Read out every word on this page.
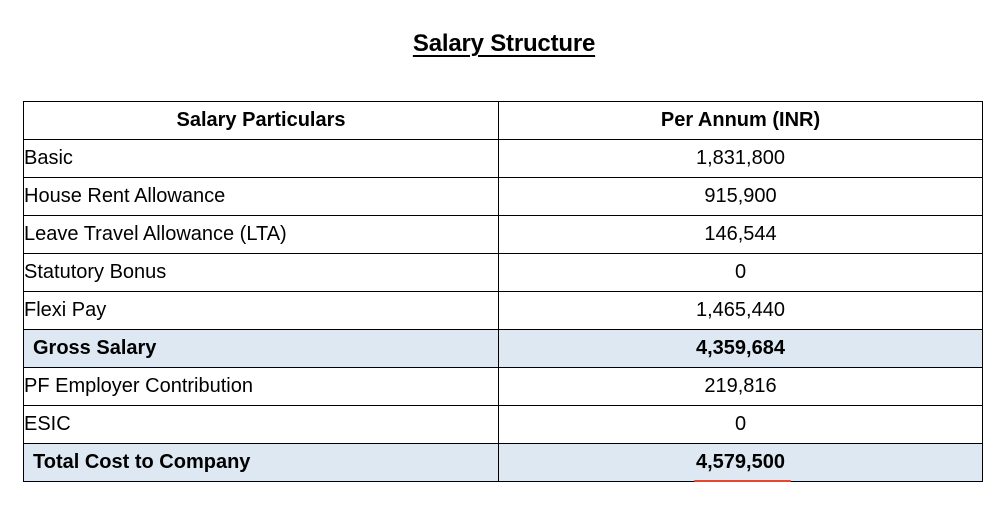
Salary Structure
Salary Particulars	Per Annum (INR)
Basic	1,831,800
House Rent Allowance	915,900
Leave Travel Allowance (LTA)	146,544
Statutory Bonus	0
Flexi Pay	1,465,440
Gross Salary	4,359,684
PF Employer Contribution	219,816
ESIC	0
Total Cost to Company	4,579,500
